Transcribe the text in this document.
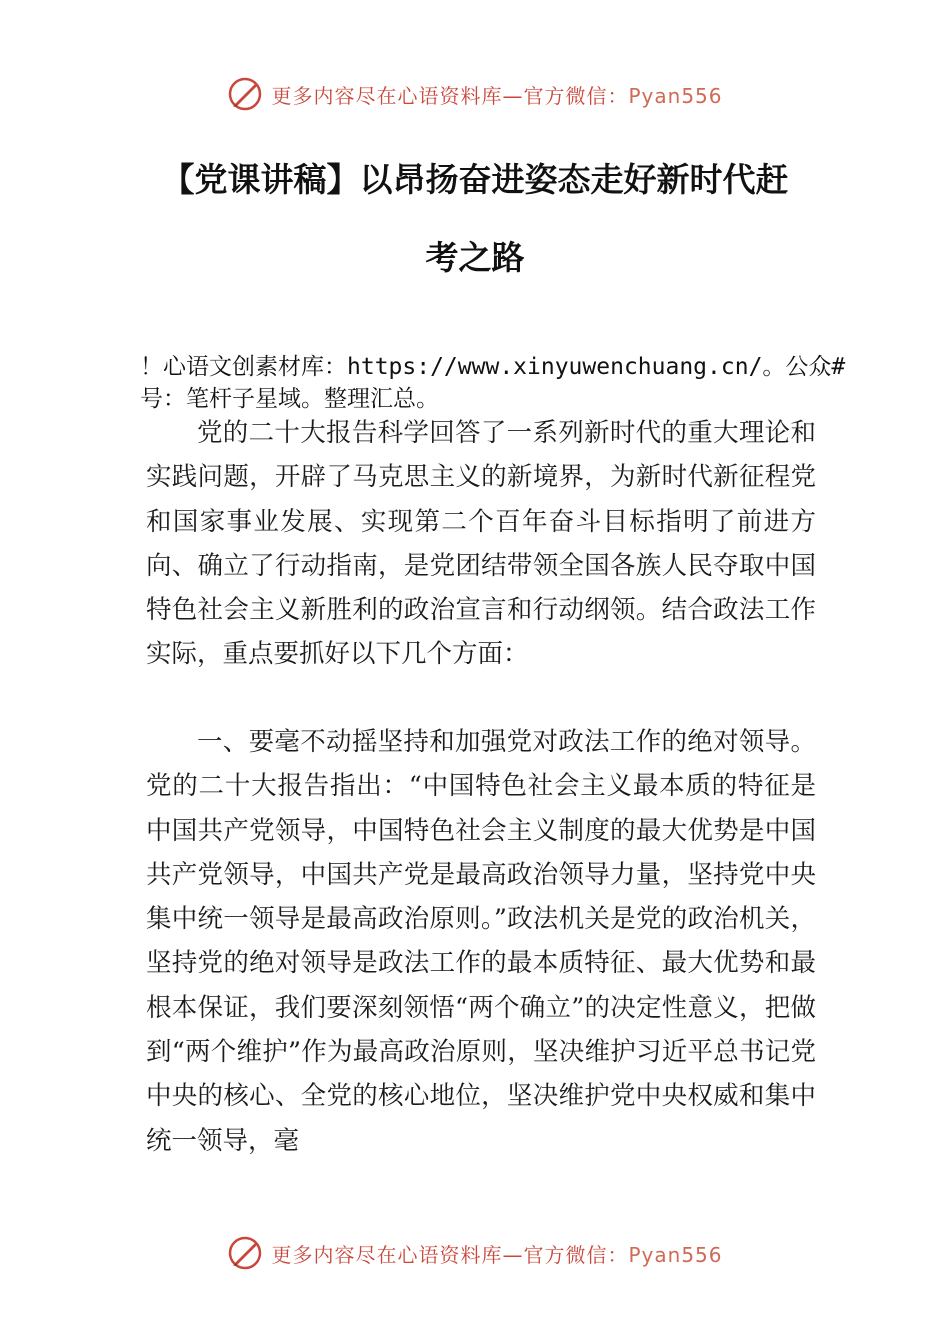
更多内容尽在心语资料库—官方微信：Pyan556
【党课讲稿】以昂扬奋进姿态走好新时代赶
考之路

！心语文创素材库：https://www.xinyuwenchuang.cn/。公众#号：笔杆子星域。整理汇总。

党的二十大报告科学回答了一系列新时代的重大理论和实践问题，开辟了马克思主义的新境界，为新时代新征程党和国家事业发展、实现第二个百年奋斗目标指明了前进方向、确立了行动指南，是党团结带领全国各族人民夺取中国特色社会主义新胜利的政治宣言和行动纲领。结合政法工作实际，重点要抓好以下几个方面：

一、要毫不动摇坚持和加强党对政法工作的绝对领导。党的二十大报告指出：“中国特色社会主义最本质的特征是中国共产党领导，中国特色社会主义制度的最大优势是中国共产党领导，中国共产党是最高政治领导力量，坚持党中央集中统一领导是最高政治原则。”政法机关是党的政治机关，坚持党的绝对领导是政法工作的最本质特征、最大优势和最根本保证，我们要深刻领悟“两个确立”的决定性意义，把做到“两个维护”作为最高政治原则，坚决维护习近平总书记党中央的核心、全党的核心地位，坚决维护党中央权威和集中统一领导，毫

更多内容尽在心语资料库—官方微信：Pyan556
